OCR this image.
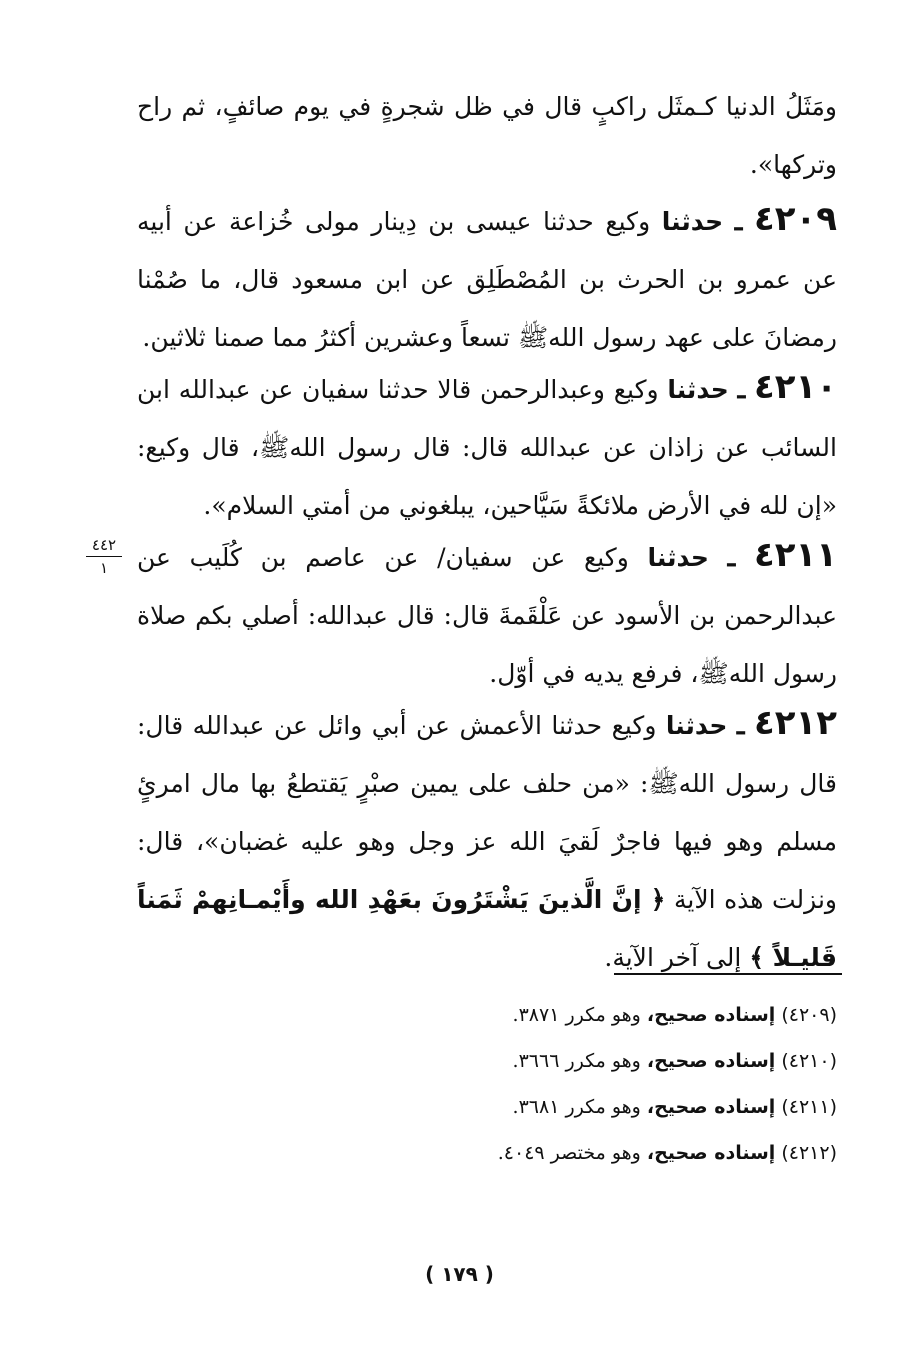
ومَثَلُ الدنيا كـمثَل راكبٍ قال في ظل شجرةٍ في يوم صائفٍ، ثم راح وتركها».

٤٢٠٩ ـ حدثنا وكيع حدثنا عيسى بن دِينار مولى خُزاعة عن أبيه عن عمرو بن الحرث بن المُصْطَلِق عن ابن مسعود قال، ما صُمْنا رمضانَ على عهد رسول اللهﷺ تسعاً وعشرين أكثرُ مما صمنا ثلاثين.

٤٢١٠ ـ حدثنا وكيع وعبدالرحمن قالا حدثنا سفيان عن عبدالله ابن السائب عن زاذان عن عبدالله قال: قال رسول اللهﷺ، قال وكيع: «إن لله في الأرض ملائكةً سَيَّاحين، يبلغوني من أمتي السلام».

٤٢١١ ـ حدثنا وكيع عن سفيان/ عن عاصم بن كُلَيب عن عبدالرحمن بن الأسود عن عَلْقَمةَ قال: قال عبدالله: أصلي بكم صلاة رسول اللهﷺ، فرفع يديه في أوّل.

٤٤٢
١

٤٢١٢ ـ حدثنا وكيع حدثنا الأعمش عن أبي وائل عن عبدالله قال: قال رسول اللهﷺ: «من حلف على يمين صبْرٍ يَقتطعُ بها مال امرئٍ مسلم وهو فيها فاجرٌ لَقيَ الله عز وجل وهو عليه غضبان»، قال: ونزلت هذه الآية ﴿ إنَّ الَّذينَ يَشْتَرُونَ بعَهْدِ الله وأَيْمـانِهمْ ثَمَناً قَليـلاً ﴾ إلى آخر الآية.

(٤٢٠٩) إسناده صحيح، وهو مكرر ٣٨٧١.
(٤٢١٠) إسناده صحيح، وهو مكرر ٣٦٦٦.
(٤٢١١) إسناده صحيح، وهو مكرر ٣٦٨١.
(٤٢١٢) إسناده صحيح، وهو مختصر ٤٠٤٩.
( ١٧٩ )
